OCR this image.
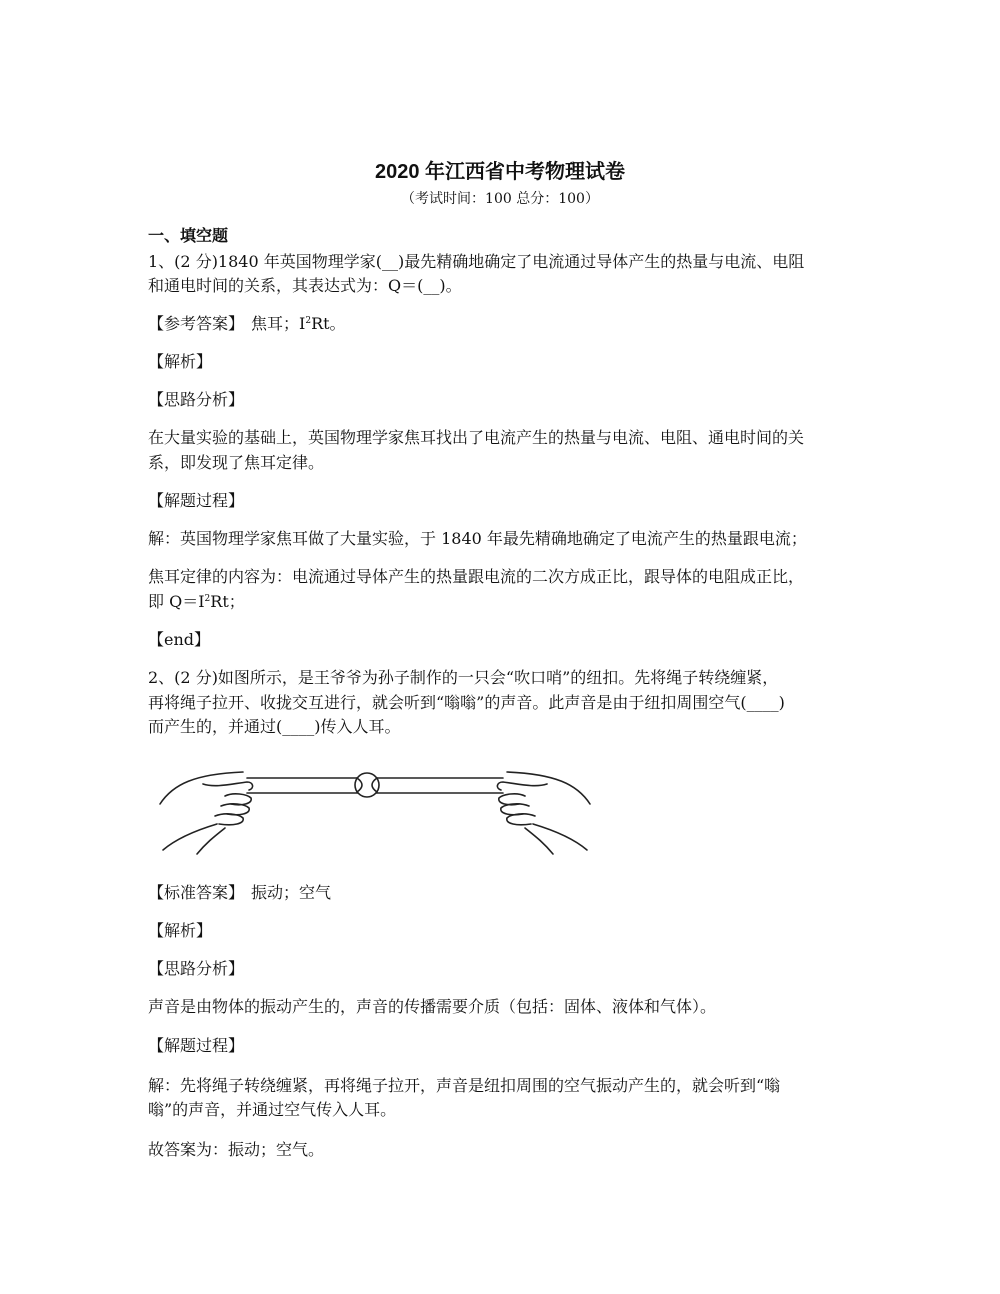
2020 年江西省中考物理试卷
（考试时间：100 总分：100）
一、填空题
1、(2 分)1840 年英国物理学家(__)最先精确地确定了电流通过导体产生的热量与电流、电阻
和通电时间的关系，其表达式为：Q＝(__)。
【参考答案】 焦耳；$I^2Rt$。
【解析】
【思路分析】
在大量实验的基础上，英国物理学家焦耳找出了电流产生的热量与电流、电阻、通电时间的关
系，即发现了焦耳定律。
【解题过程】
解：英国物理学家焦耳做了大量实验，于 1840 年最先精确地确定了电流产生的热量跟电流；
焦耳定律的内容为：电流通过导体产生的热量跟电流的二次方成正比，跟导体的电阻成正比，
即 $Q=I^2Rt$；
【end】
2、(2 分)如图所示，是王爷爷为孙子制作的一只会“吹口哨”的纽扣。先将绳子转绕缠紧，
再将绳子拉开、收拢交互进行，就会听到“嗡嗡”的声音。此声音是由于纽扣周围空气(____)
而产生的，并通过(____)传入人耳。
【标准答案】 振动；空气
【解析】
【思路分析】
声音是由物体的振动产生的，声音的传播需要介质（包括：固体、液体和气体）。
【解题过程】
解：先将绳子转绕缠紧，再将绳子拉开，声音是纽扣周围的空气振动产生的，就会听到“嗡
嗡”的声音，并通过空气传入人耳。
故答案为：振动；空气。
